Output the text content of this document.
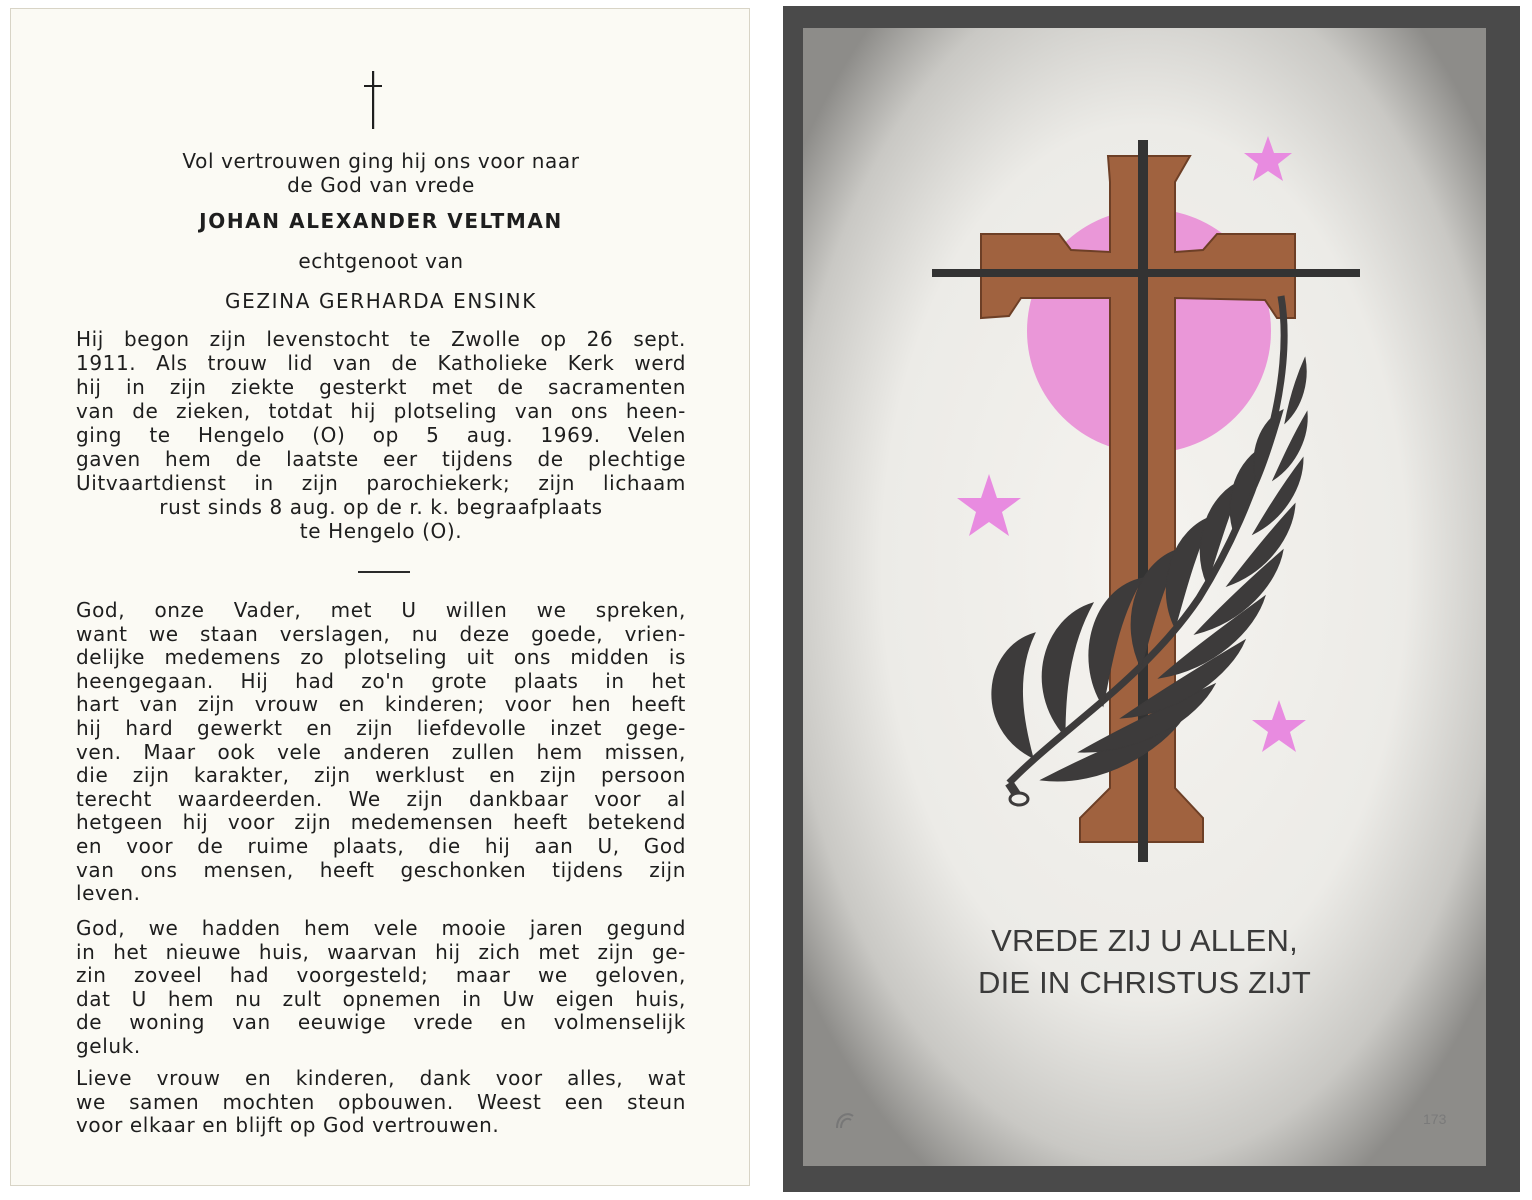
Vol vertrouwen ging hij ons voor naar
de God van vrede
JOHAN ALEXANDER VELTMAN
echtgenoot van
GEZINA GERHARDA ENSINK
Hij begon zijn levenstocht te Zwolle op 26 sept.
1911. Als trouw lid van de Katholieke Kerk werd
hij in zijn ziekte gesterkt met de sacramenten
van de zieken, totdat hij plotseling van ons heen-
ging te Hengelo (O) op 5 aug. 1969. Velen
gaven hem de laatste eer tijdens de plechtige
Uitvaartdienst in zijn parochiekerk; zijn lichaam
rust sinds 8 aug. op de r. k. begraafplaats
te Hengelo (O).
God, onze Vader, met U willen we spreken,
want we staan verslagen, nu deze goede, vrien-
delijke medemens zo plotseling uit ons midden is
heengegaan. Hij had zo'n grote plaats in het
hart van zijn vrouw en kinderen; voor hen heeft
hij hard gewerkt en zijn liefdevolle inzet gege-
ven. Maar ook vele anderen zullen hem missen,
die zijn karakter, zijn werklust en zijn persoon
terecht waardeerden. We zijn dankbaar voor al
hetgeen hij voor zijn medemensen heeft betekend
en voor de ruime plaats, die hij aan U, God
van ons mensen, heeft geschonken tijdens zijn
leven.
God, we hadden hem vele mooie jaren gegund
in het nieuwe huis, waarvan hij zich met zijn ge-
zin zoveel had voorgesteld; maar we geloven,
dat U hem nu zult opnemen in Uw eigen huis,
de woning van eeuwige vrede en volmenselijk
geluk.
Lieve vrouw en kinderen, dank voor alles, wat
we samen mochten opbouwen. Weest een steun
voor elkaar en blijft op God vertrouwen.
VREDE ZIJ U ALLEN,
DIE IN CHRISTUS ZIJT
173
